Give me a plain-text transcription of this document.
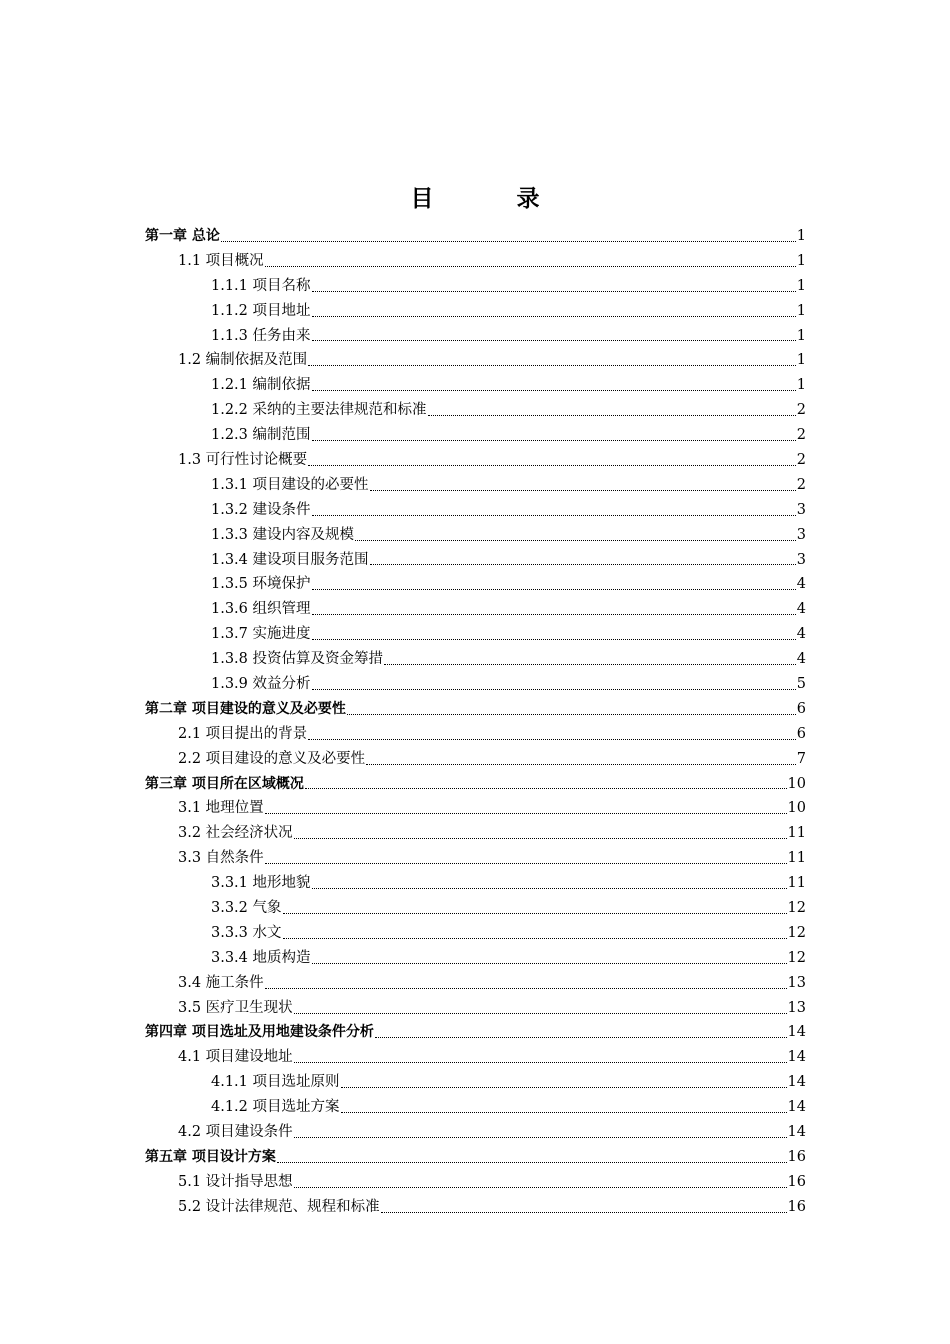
目　录
第一章 总论	1
1.1 项目概况	1
1.1.1 项目名称	1
1.1.2 项目地址	1
1.1.3 任务由来	1
1.2 编制依据及范围	1
1.2.1 编制依据	1
1.2.2 采纳的主要法律规范和标准	2
1.2.3 编制范围	2
1.3 可行性讨论概要	2
1.3.1 项目建设的必要性	2
1.3.2 建设条件	3
1.3.3 建设内容及规模	3
1.3.4 建设项目服务范围	3
1.3.5 环境保护	4
1.3.6 组织管理	4
1.3.7 实施进度	4
1.3.8 投资估算及资金筹措	4
1.3.9 效益分析	5
第二章 项目建设的意义及必要性	6
2.1 项目提出的背景	6
2.2 项目建设的意义及必要性	7
第三章 项目所在区域概况	10
3.1 地理位置	10
3.2 社会经济状况	11
3.3 自然条件	11
3.3.1 地形地貌	11
3.3.2 气象	12
3.3.3 水文	12
3.3.4 地质构造	12
3.4 施工条件	13
3.5 医疗卫生现状	13
第四章 项目选址及用地建设条件分析	14
4.1 项目建设地址	14
4.1.1 项目选址原则	14
4.1.2 项目选址方案	14
4.2 项目建设条件	14
第五章 项目设计方案	16
5.1 设计指导思想	16
5.2 设计法律规范、规程和标准	16
